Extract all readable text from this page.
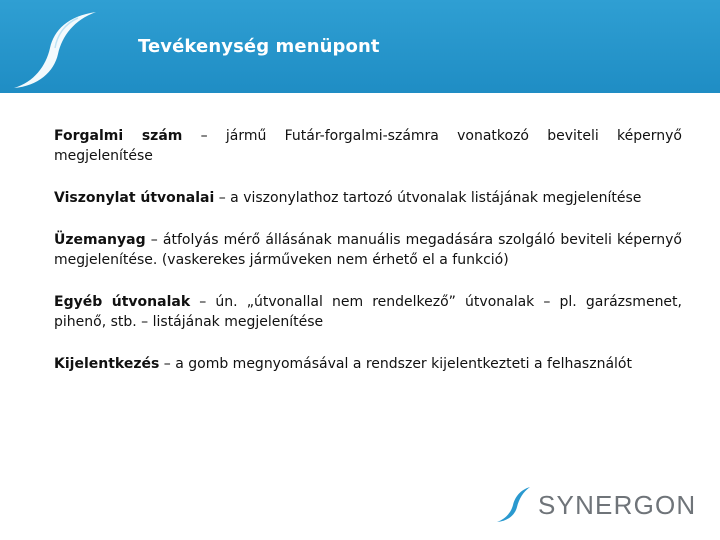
Tevékenység menüpont

Forgalmi szám – jármű Futár-forgalmi-számra vonatkozó beviteli képernyő megjelenítése

Viszonylat útvonalai – a viszonylathoz tartozó útvonalak listájának megjelenítése

Üzemanyag – átfolyás mérő állásának manuális megadására szolgáló beviteli képernyő megjelenítése. (vaskerekes járműveken nem érhető el a funkció)

Egyéb útvonalak – ún. „útvonallal nem rendelkező” útvonalak – pl. garázsmenet, pihenő, stb. – listájának megjelenítése

Kijelentkezés – a gomb megnyomásával a rendszer kijelentkezteti a felhasználót

SYNERGON
